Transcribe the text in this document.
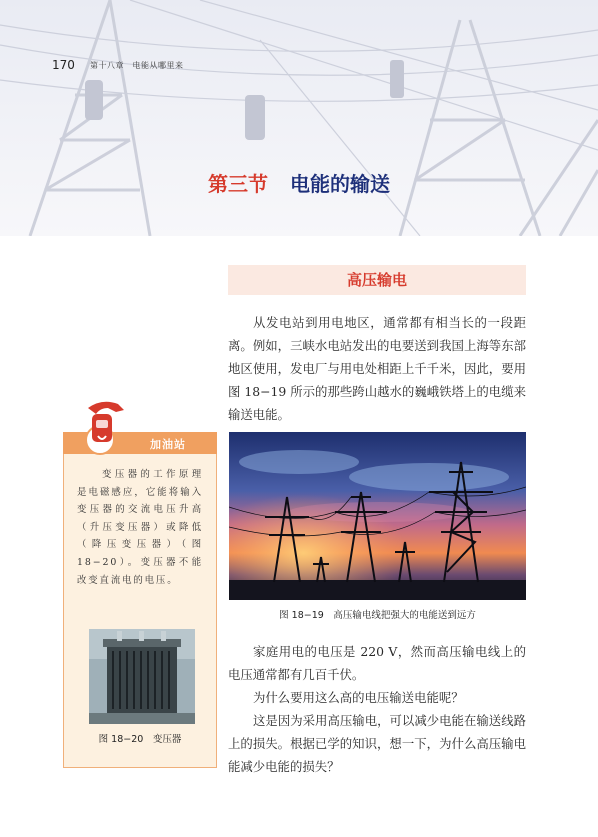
170 第十八章　电能从哪里来
第三节 电能的输送
高压输电

从发电站到用电地区，通常都有相当长的一段距离。例如，三峡水电站发出的电要送到我国上海等东部地区使用，发电厂与用电处相距上千千米，因此，要用图 18−19 所示的那些跨山越水的巍峨铁塔上的电缆来输送电能。

图 18−19　高压输电线把强大的电能送到远方

家庭用电的电压是 220 V，然而高压输电线上的电压通常都有几百千伏。

为什么要用这么高的电压输送电能呢？

这是因为采用高压输电，可以减少电能在输送线路上的损失。根据已学的知识，想一下，为什么高压输电能减少电能的损失？

加油站

变压器的工作原理是电磁感应，它能将输入变压器的交流电压升高（升压变压器）或降低（降压变压器）（图 18−20）。变压器不能改变直流电的电压。

图 18−20　变压器
